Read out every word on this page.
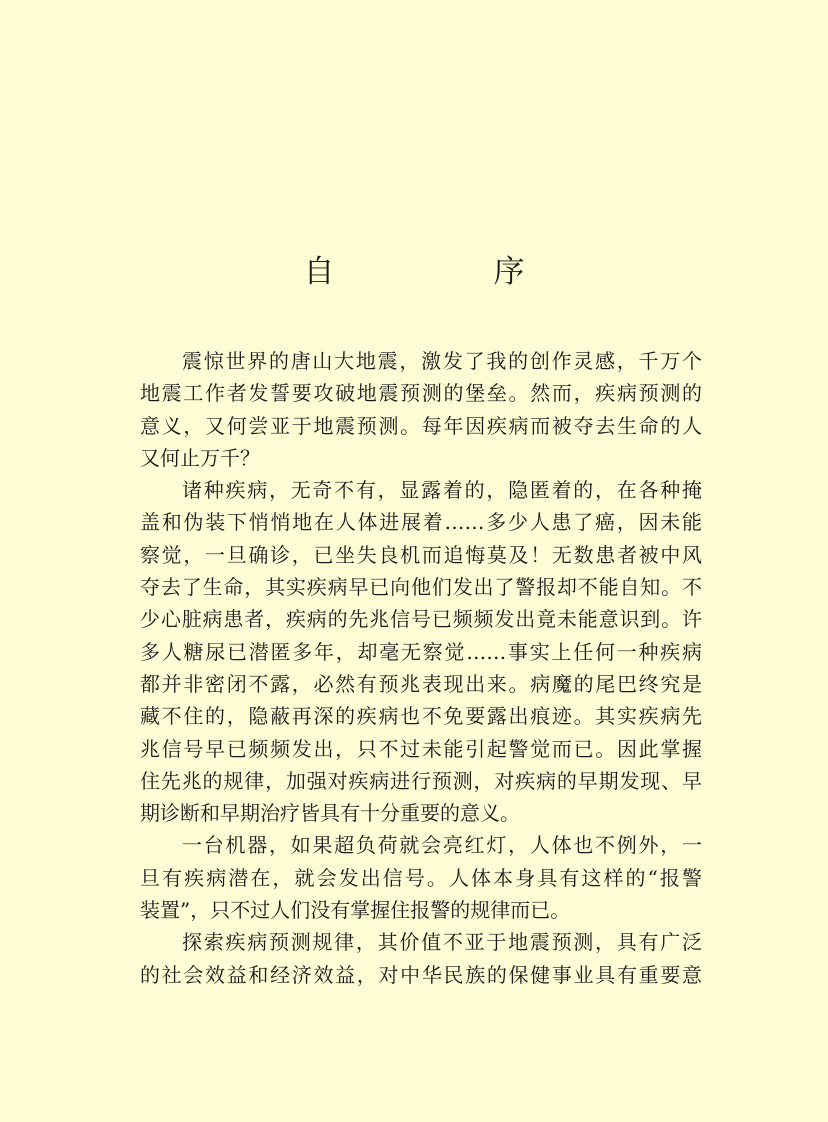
自　序
震惊世界的唐山大地震，激发了我的创作灵感，千万个
地震工作者发誓要攻破地震预测的堡垒。然而，疾病预测的
意义，又何尝亚于地震预测。每年因疾病而被夺去生命的人
又何止万千？
诸种疾病，无奇不有，显露着的，隐匿着的，在各种掩
盖和伪装下悄悄地在人体进展着……多少人患了癌，因未能
察觉，一旦确诊，已坐失良机而追悔莫及！无数患者被中风
夺去了生命，其实疾病早已向他们发出了警报却不能自知。不
少心脏病患者，疾病的先兆信号已频频发出竟未能意识到。许
多人糖尿已潜匿多年，却毫无察觉……事实上任何一种疾病
都并非密闭不露，必然有预兆表现出来。病魔的尾巴终究是
藏不住的，隐蔽再深的疾病也不免要露出痕迹。其实疾病先
兆信号早已频频发出，只不过未能引起警觉而已。因此掌握
住先兆的规律，加强对疾病进行预测，对疾病的早期发现、早
期诊断和早期治疗皆具有十分重要的意义。
一台机器，如果超负荷就会亮红灯，人体也不例外，一
旦有疾病潜在，就会发出信号。人体本身具有这样的“报警
装置”，只不过人们没有掌握住报警的规律而已。
探索疾病预测规律，其价值不亚于地震预测，具有广泛
的社会效益和经济效益，对中华民族的保健事业具有重要意
